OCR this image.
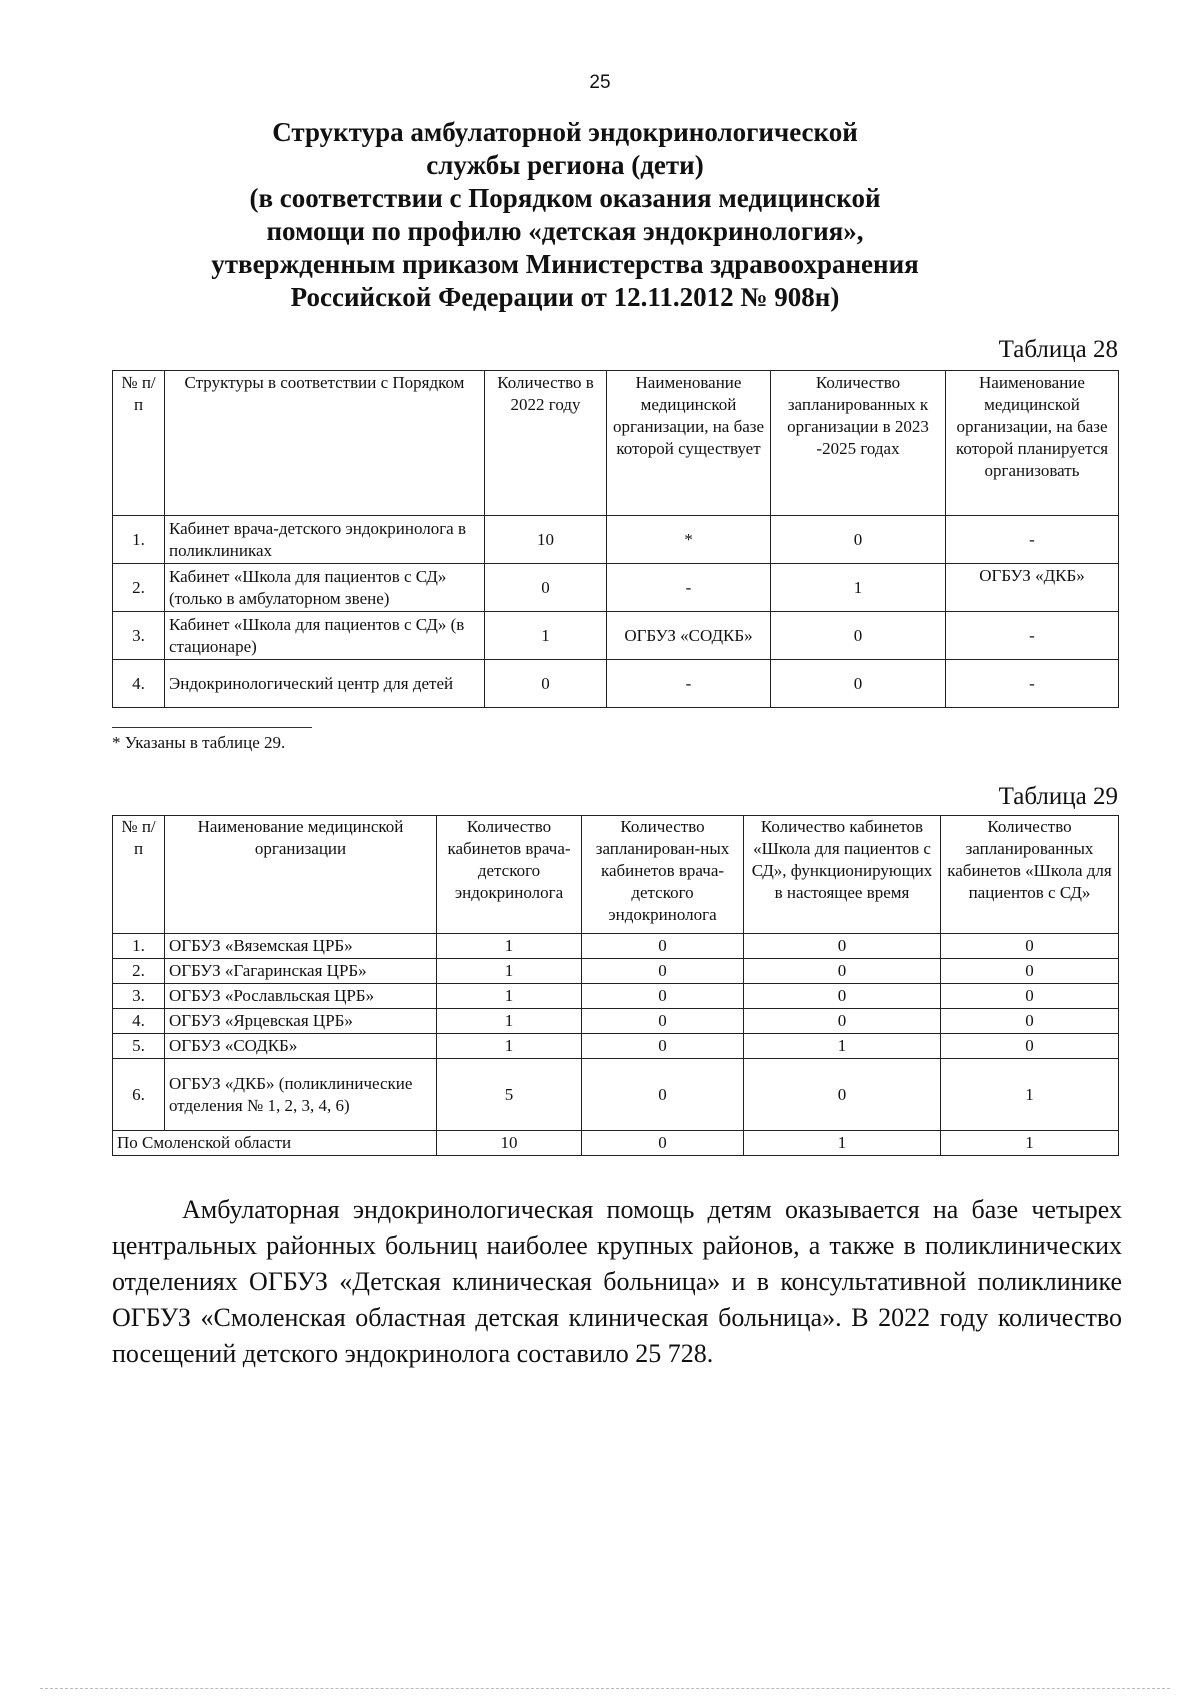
25
Структура амбулаторной эндокринологической
службы региона (дети)
(в соответствии с Порядком оказания медицинской
помощи по профилю «детская эндокринология»,
утвержденным приказом Министерства здравоохранения
Российской Федерации от 12.11.2012 № 908н)
Таблица 28
№ п/п	Структуры в соответствии с Порядком	Количество в 2022 году	Наименование медицинской организации, на базе которой существует	Количество запланированных к организации в 2023 -2025 годах	Наименование медицинской организации, на базе которой планируется организовать
1.	Кабинет врача-детского эндокринолога в поликлиниках	10	*	0	-
2.	Кабинет «Школа для пациентов с СД» (только в амбулаторном звене)	0	-	1	ОГБУЗ «ДКБ»
3.	Кабинет «Школа для пациентов с СД» (в стационаре)	1	ОГБУЗ «СОДКБ»	0	-
4.	Эндокринологический центр для детей	0	-	0	-
* Указаны в таблице 29.
Таблица 29
№ п/п	Наименование медицинской организации	Количество кабинетов врача-детского эндокринолога	Количество запланирован-ных кабинетов врача-детского эндокринолога	Количество кабинетов «Школа для пациентов с СД», функционирующих в настоящее время	Количество запланированных кабинетов «Школа для пациентов с СД»
1.	ОГБУЗ «Вяземская ЦРБ»	1	0	0	0
2.	ОГБУЗ «Гагаринская ЦРБ»	1	0	0	0
3.	ОГБУЗ «Рославльская ЦРБ»	1	0	0	0
4.	ОГБУЗ «Ярцевская ЦРБ»	1	0	0	0
5.	ОГБУЗ «СОДКБ»	1	0	1	0
6.	ОГБУЗ «ДКБ» (поликлинические отделения № 1, 2, 3, 4, 6)	5	0	0	1
По Смоленской области		10	0	1	1
Амбулаторная эндокринологическая помощь детям оказывается на базе четырех центральных районных больниц наиболее крупных районов, а также в поликлинических отделениях ОГБУЗ «Детская клиническая больница» и в консультативной поликлинике ОГБУЗ «Смоленская областная детская клиническая больница». В 2022 году количество посещений детского эндокринолога составило 25 728.
